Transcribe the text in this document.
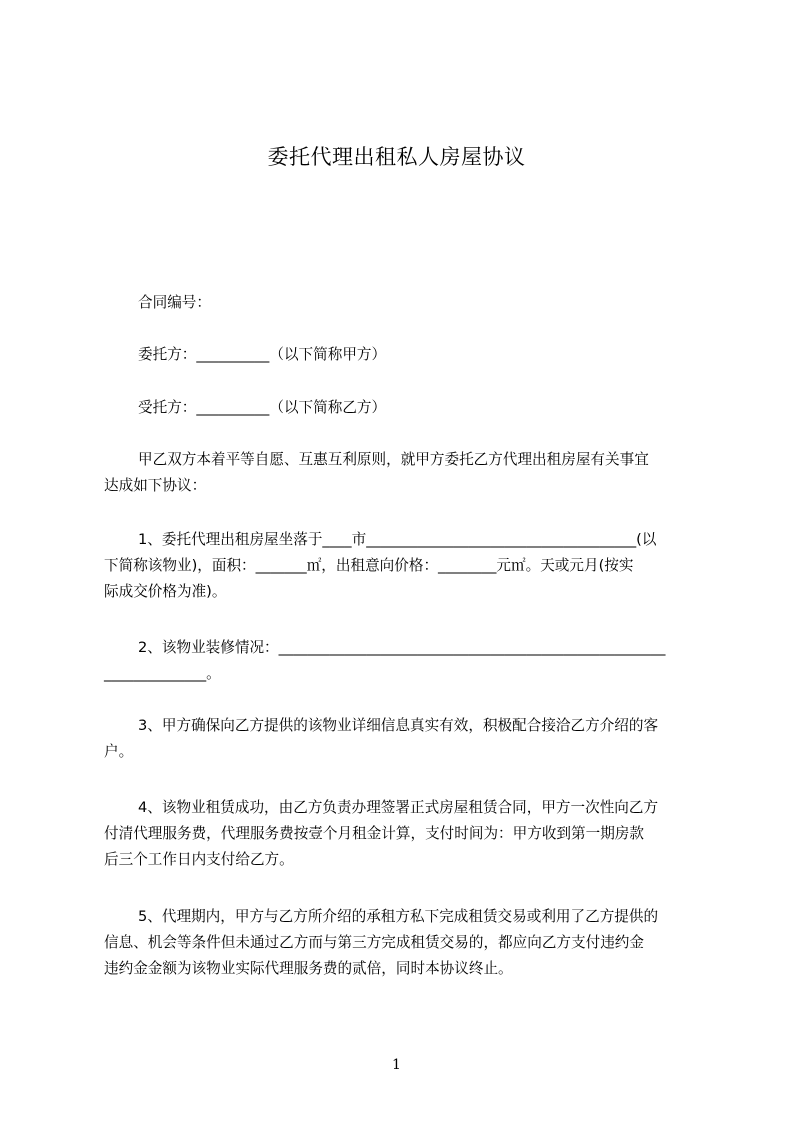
委托代理出租私人房屋协议

合同编号：

委托方：__________（以下简称甲方）

受托方：__________（以下简称乙方）

甲乙双方本着平等自愿、互惠互利原则，就甲方委托乙方代理出租房屋有关事宜
达成如下协议：
1、委托代理出租房屋坐落于____市_____________________________________(以
下简称该物业)，面积：_______㎡，出租意向价格：________元㎡。天或元月(按实
际成交价格为准)。
2、该物业装修情况：_____________________________________________________
______________。
3、甲方确保向乙方提供的该物业详细信息真实有效，积极配合接洽乙方介绍的客
户。
4、该物业租赁成功，由乙方负责办理签署正式房屋租赁合同，甲方一次性向乙方
付清代理服务费，代理服务费按壹个月租金计算，支付时间为：甲方收到第一期房款
后三个工作日内支付给乙方。
5、代理期内，甲方与乙方所介绍的承租方私下完成租赁交易或利用了乙方提供的
信息、机会等条件但未通过乙方而与第三方完成租赁交易的，都应向乙方支付违约金
违约金金额为该物业实际代理服务费的贰倍，同时本协议终止。

1
